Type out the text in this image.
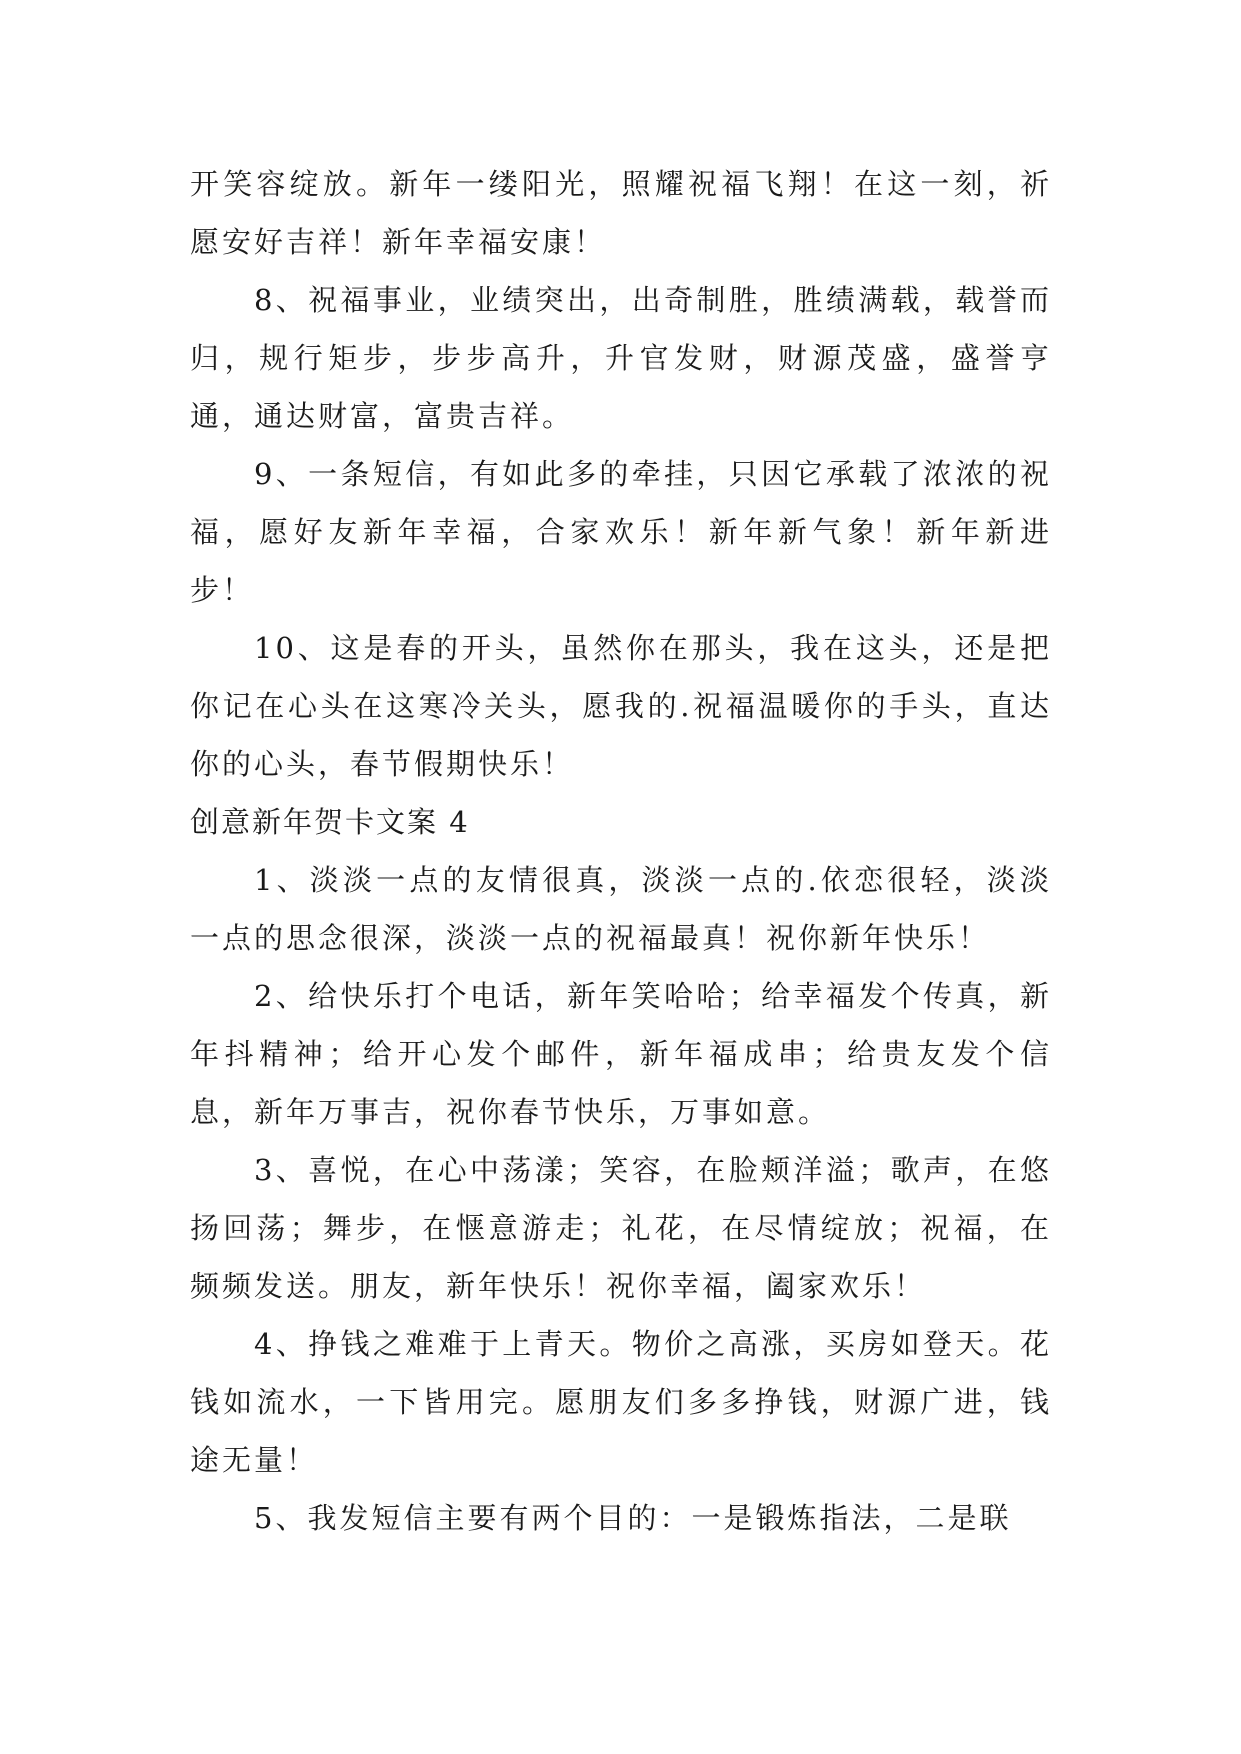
开笑容绽放。新年一缕阳光，照耀祝福飞翔！在这一刻，祈愿安好吉祥！新年幸福安康！

8、祝福事业，业绩突出，出奇制胜，胜绩满载，载誉而归，规行矩步，步步高升，升官发财，财源茂盛，盛誉亨通，通达财富，富贵吉祥。

9、一条短信，有如此多的牵挂，只因它承载了浓浓的祝福，愿好友新年幸福，合家欢乐！新年新气象！新年新进步！

10、这是春的开头，虽然你在那头，我在这头，还是把你记在心头在这寒冷关头，愿我的.祝福温暖你的手头，直达你的心头，春节假期快乐！

创意新年贺卡文案 4

1、淡淡一点的友情很真，淡淡一点的.依恋很轻，淡淡一点的思念很深，淡淡一点的祝福最真！祝你新年快乐！

2、给快乐打个电话，新年笑哈哈；给幸福发个传真，新年抖精神；给开心发个邮件，新年福成串；给贵友发个信息，新年万事吉，祝你春节快乐，万事如意。

3、喜悦，在心中荡漾；笑容，在脸颊洋溢；歌声，在悠扬回荡；舞步，在惬意游走；礼花，在尽情绽放；祝福，在频频发送。朋友，新年快乐！祝你幸福，阖家欢乐！

4、挣钱之难难于上青天。物价之高涨，买房如登天。花钱如流水，一下皆用完。愿朋友们多多挣钱，财源广进，钱途无量！

5、我发短信主要有两个目的：一是锻炼指法，二是联
